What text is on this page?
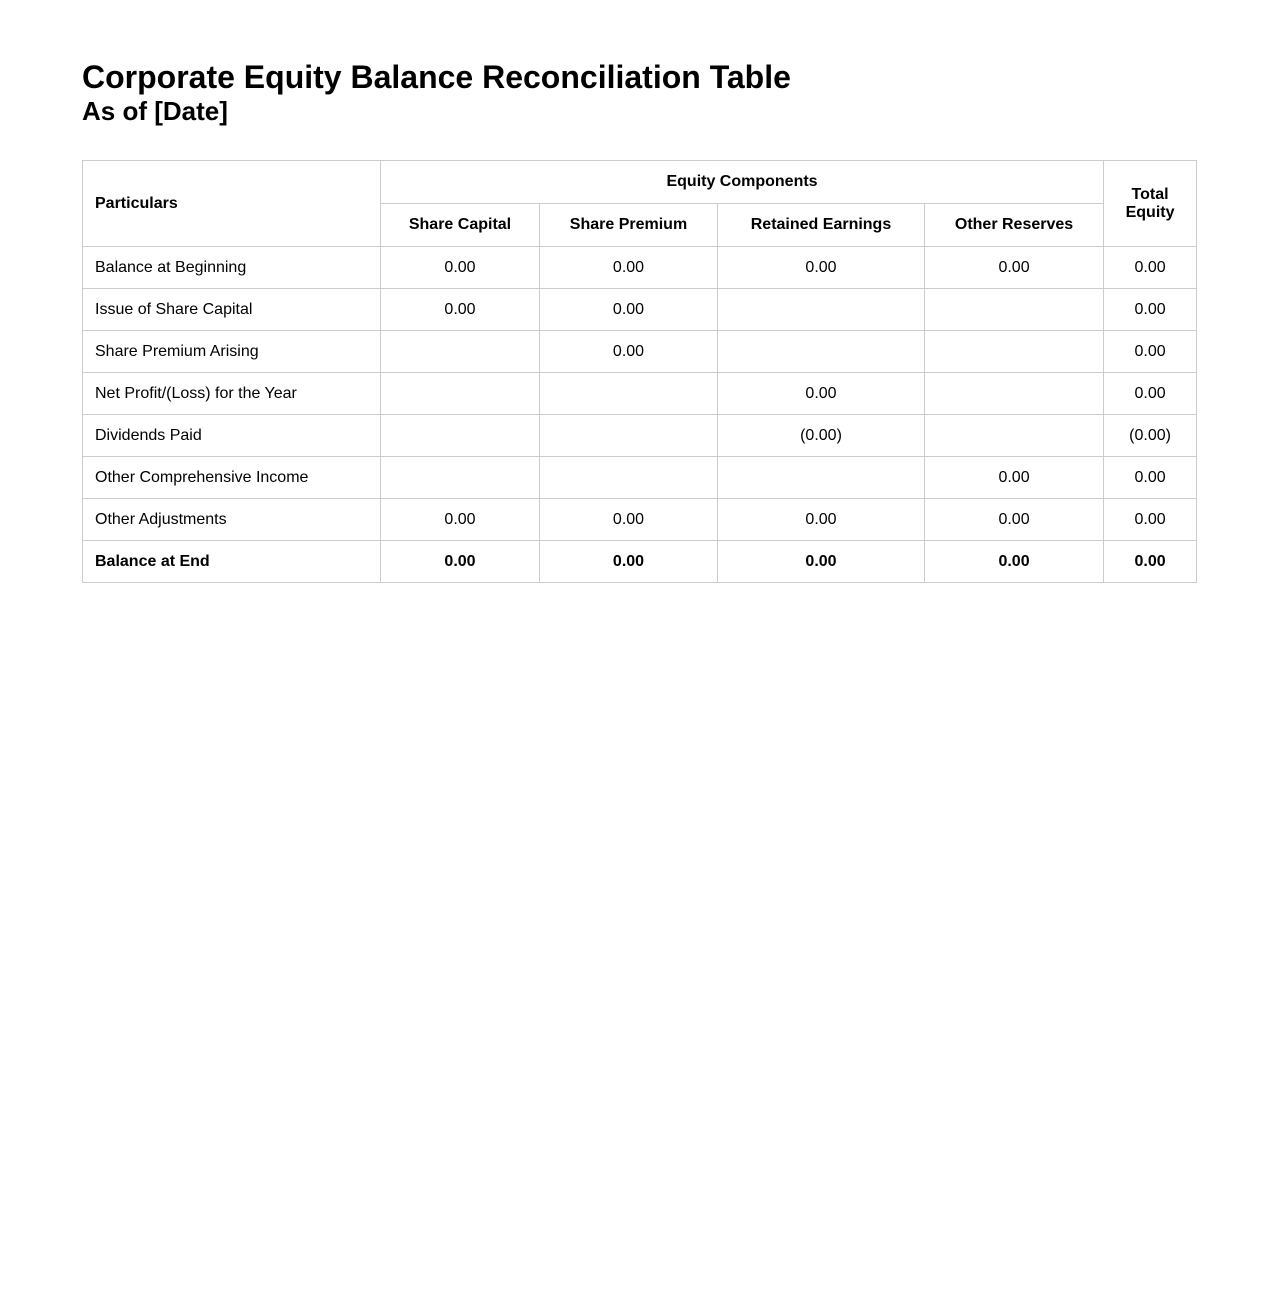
Corporate Equity Balance Reconciliation Table
As of [Date]
Particulars	Equity Components				Total Equity
	Share Capital	Share Premium	Retained Earnings	Other Reserves	
Balance at Beginning	0.00	0.00	0.00	0.00	0.00
Issue of Share Capital	0.00	0.00			0.00
Share Premium Arising		0.00			0.00
Net Profit/(Loss) for the Year			0.00		0.00
Dividends Paid			(0.00)		(0.00)
Other Comprehensive Income				0.00	0.00
Other Adjustments	0.00	0.00	0.00	0.00	0.00
Balance at End	0.00	0.00	0.00	0.00	0.00
